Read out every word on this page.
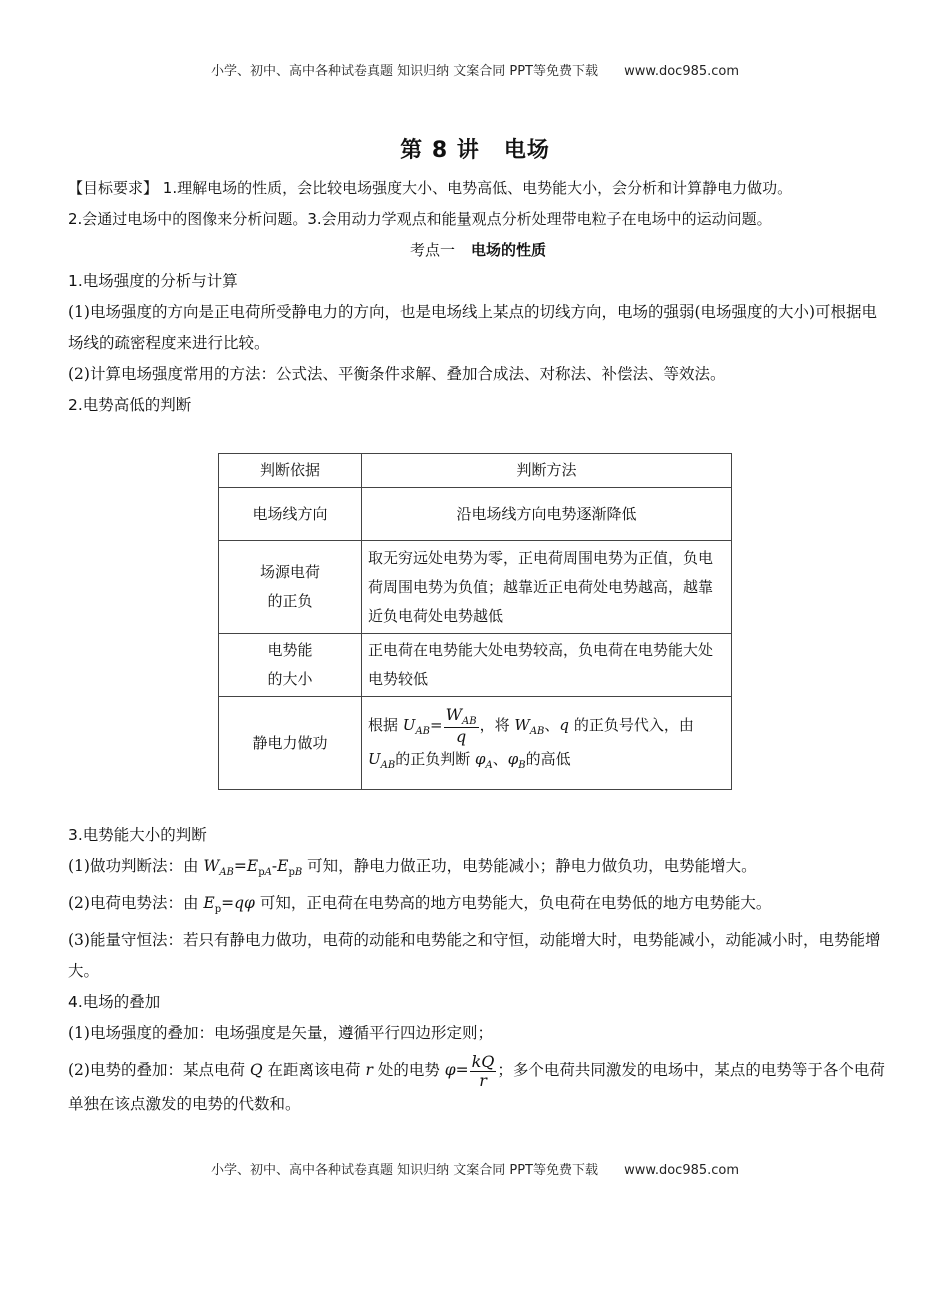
小学、初中、高中各种试卷真题 知识归纳 文案合同 PPT等免费下载 www.doc985.com
第 8 讲 电场

【目标要求】 1.理解电场的性质，会比较电场强度大小、电势高低、电势能大小，会分析和计算静电力做功。

2.会通过电场中的图像来分析问题。3.会用动力学观点和能量观点分析处理带电粒子在电场中的运动问题。

考点一 电场的性质

1.电场强度的分析与计算

(1)电场强度的方向是正电荷所受静电力的方向，也是电场线上某点的切线方向，电场的强弱(电场强度的大小)可根据电场线的疏密程度来进行比较。

(2)计算电场强度常用的方法：公式法、平衡条件求解、叠加合成法、对称法、补偿法、等效法。

2.电势高低的判断

判断依据	判断方法
电场线方向	沿电场线方向电势逐渐降低
场源电荷
的正负	取无穷远处电势为零，正电荷周围电势为正值，负电荷周围电势为负值；越靠近正电荷处电势越高，越靠近负电荷处电势越低
电势能
的大小	正电荷在电势能大处电势较高，负电荷在电势能大处电势较低
静电力做功	根据 $U_{AB}= \frac{W_{AB}}{q}$ ，将 $W_{AB}$、q 的正负号代入，由
$U_{AB}$的正负判断 $\varphi_A$、$\varphi_B$的高低

3.电势能大小的判断

(1)做功判断法：由 $W_{AB}=E_{pA}-E_{pB}$ 可知，静电力做正功，电势能减小；静电力做负功，电势能增大。

(2)电荷电势法：由 $E_p=q\varphi$ 可知，正电荷在电势高的地方电势能大，负电荷在电势低的地方电势能大。

(3)能量守恒法：若只有静电力做功，电荷的动能和电势能之和守恒，动能增大时，电势能减小，动能减小时，电势能增大。

4.电场的叠加

(1)电场强度的叠加：电场强度是矢量，遵循平行四边形定则；

(2)电势的叠加：某点电荷 Q 在距离该电荷 r 处的电势 $\varphi= \frac{kQ}{r}$ ；多个电荷共同激发的电场中，某点的电势等于各个电荷单独在该点激发的电势的代数和。

小学、初中、高中各种试卷真题 知识归纳 文案合同 PPT等免费下载 www.doc985.com
